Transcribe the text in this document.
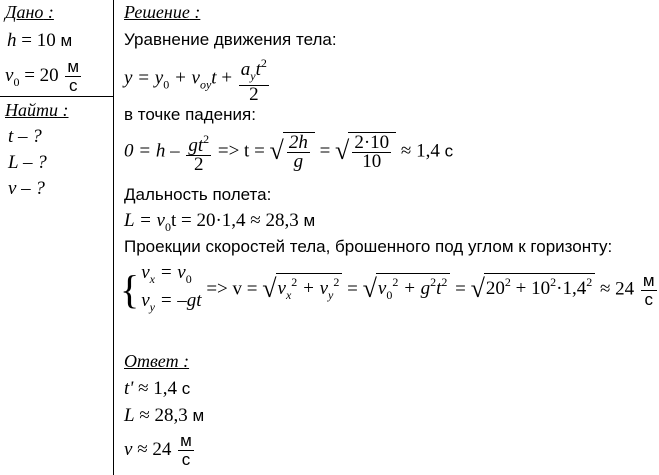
Дано :
h = 10 м
$v_0 = 20 \frac{м}{с}$
Найти :
t – ?
L – ?
v – ?
Решение :
Уравнение движения тела:
$y = y_0 + v_{oy}t + \frac{a_yt^2}{2}$
в точке падения:
$0 = h - \frac{gt^2}{2} => t$ = √ $\frac{2h}{g}$ = √ $\frac{2\cdot 10}{10} \approx 1,4$ с
Дальность полета:
$L = v_0t = 20\cdot 1,4 \approx 28,3$ м
Проекции скоростей тела, брошенного под углом к горизонту:
{ $v_x = v_0$
$v_y = -gt$
=> $v = √v_x^2 + v_y^2 = √v_0^2 + g^2t^2 = √20^2 + 10^2\cdot 1,4^2 \approx 24 \frac{м}{с}$
Ответ :
t' ≈ 1,4 с
L ≈ 28,3 м
$v \approx 24 \frac{м}{с}$
